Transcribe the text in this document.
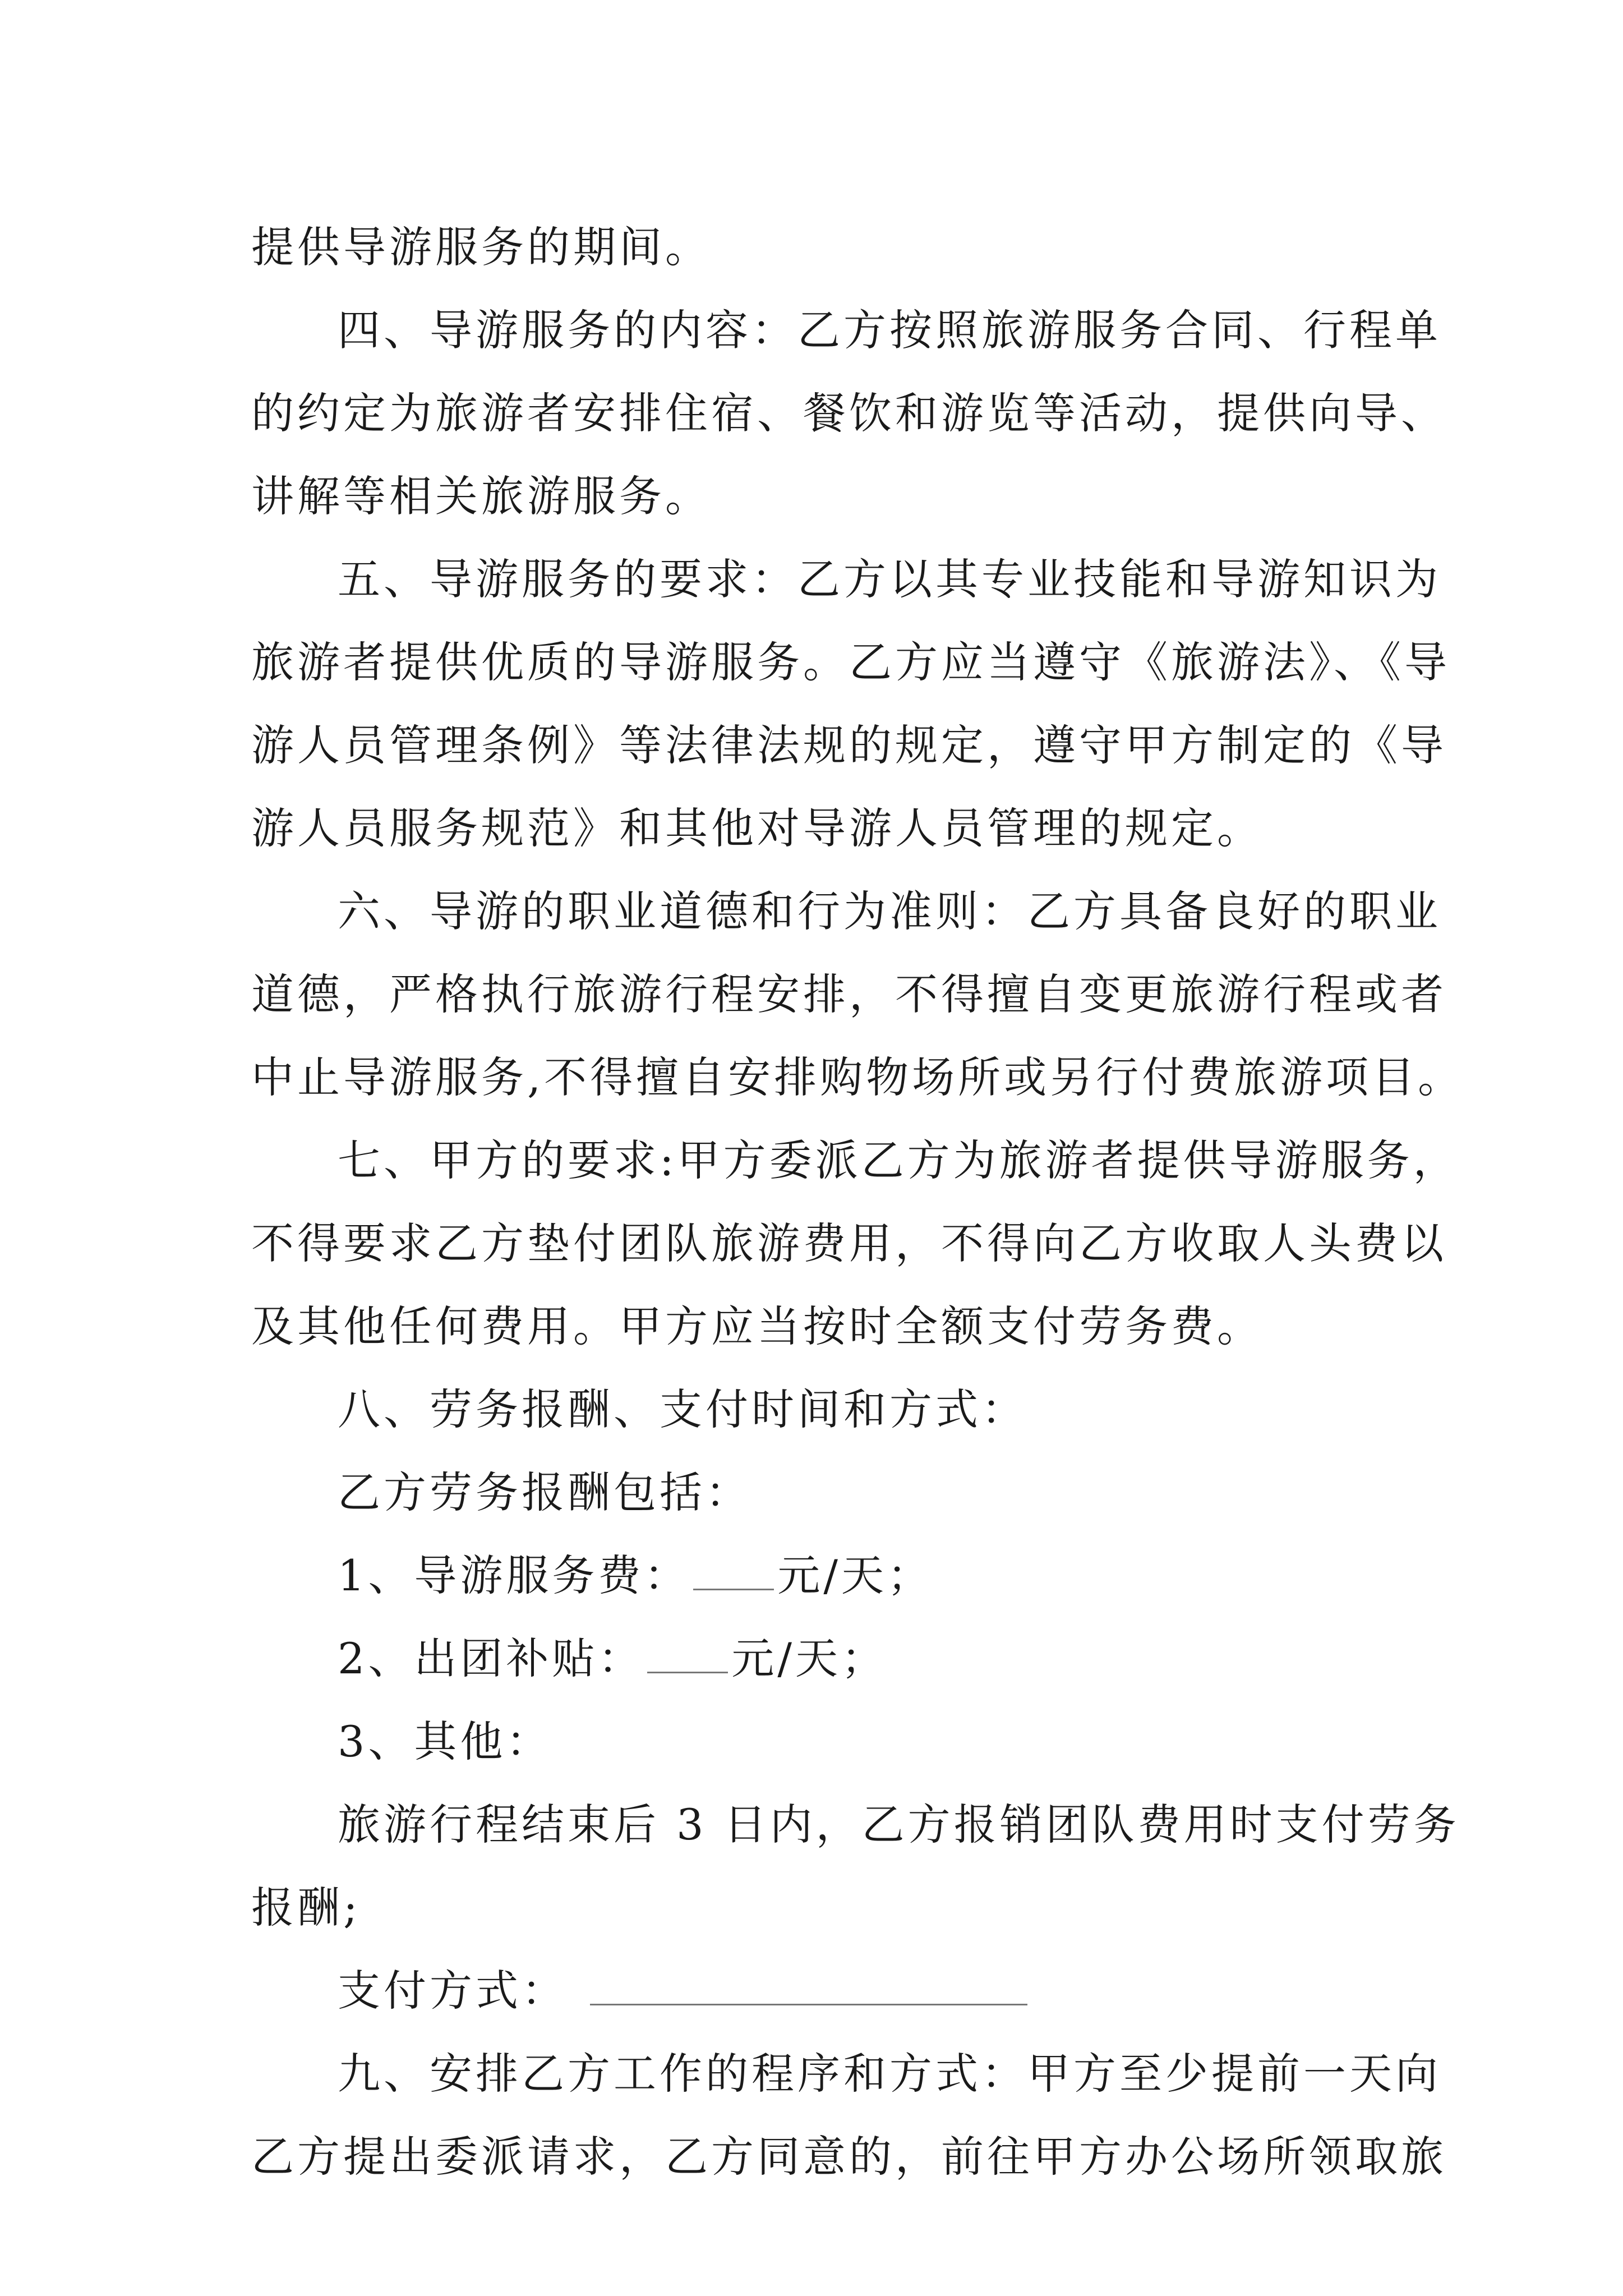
提供导游服务的期间。
四、导游服务的内容：乙方按照旅游服务合同、行程单
的约定为旅游者安排住宿、餐饮和游览等活动，提供向导、
讲解等相关旅游服务。
五、导游服务的要求：乙方以其专业技能和导游知识为
旅游者提供优质的导游服务。乙方应当遵守《旅游法》、《导
游人员管理条例》等法律法规的规定，遵守甲方制定的《导
游人员服务规范》和其他对导游人员管理的规定。
六、导游的职业道德和行为准则：乙方具备良好的职业
道德，严格执行旅游行程安排，不得擅自变更旅游行程或者
中止导游服务,不得擅自安排购物场所或另行付费旅游项目。
七、甲方的要求:甲方委派乙方为旅游者提供导游服务，
不得要求乙方垫付团队旅游费用，不得向乙方收取人头费以
及其他任何费用。甲方应当按时全额支付劳务费。
八、劳务报酬、支付时间和方式：
乙方劳务报酬包括：
1、导游服务费： 元/天；
2、出团补贴： 元/天；
3、其他：
旅游行程结束后 3 日内，乙方报销团队费用时支付劳务
报酬;
支付方式：
九、安排乙方工作的程序和方式：甲方至少提前一天向
乙方提出委派请求，乙方同意的，前往甲方办公场所领取旅
